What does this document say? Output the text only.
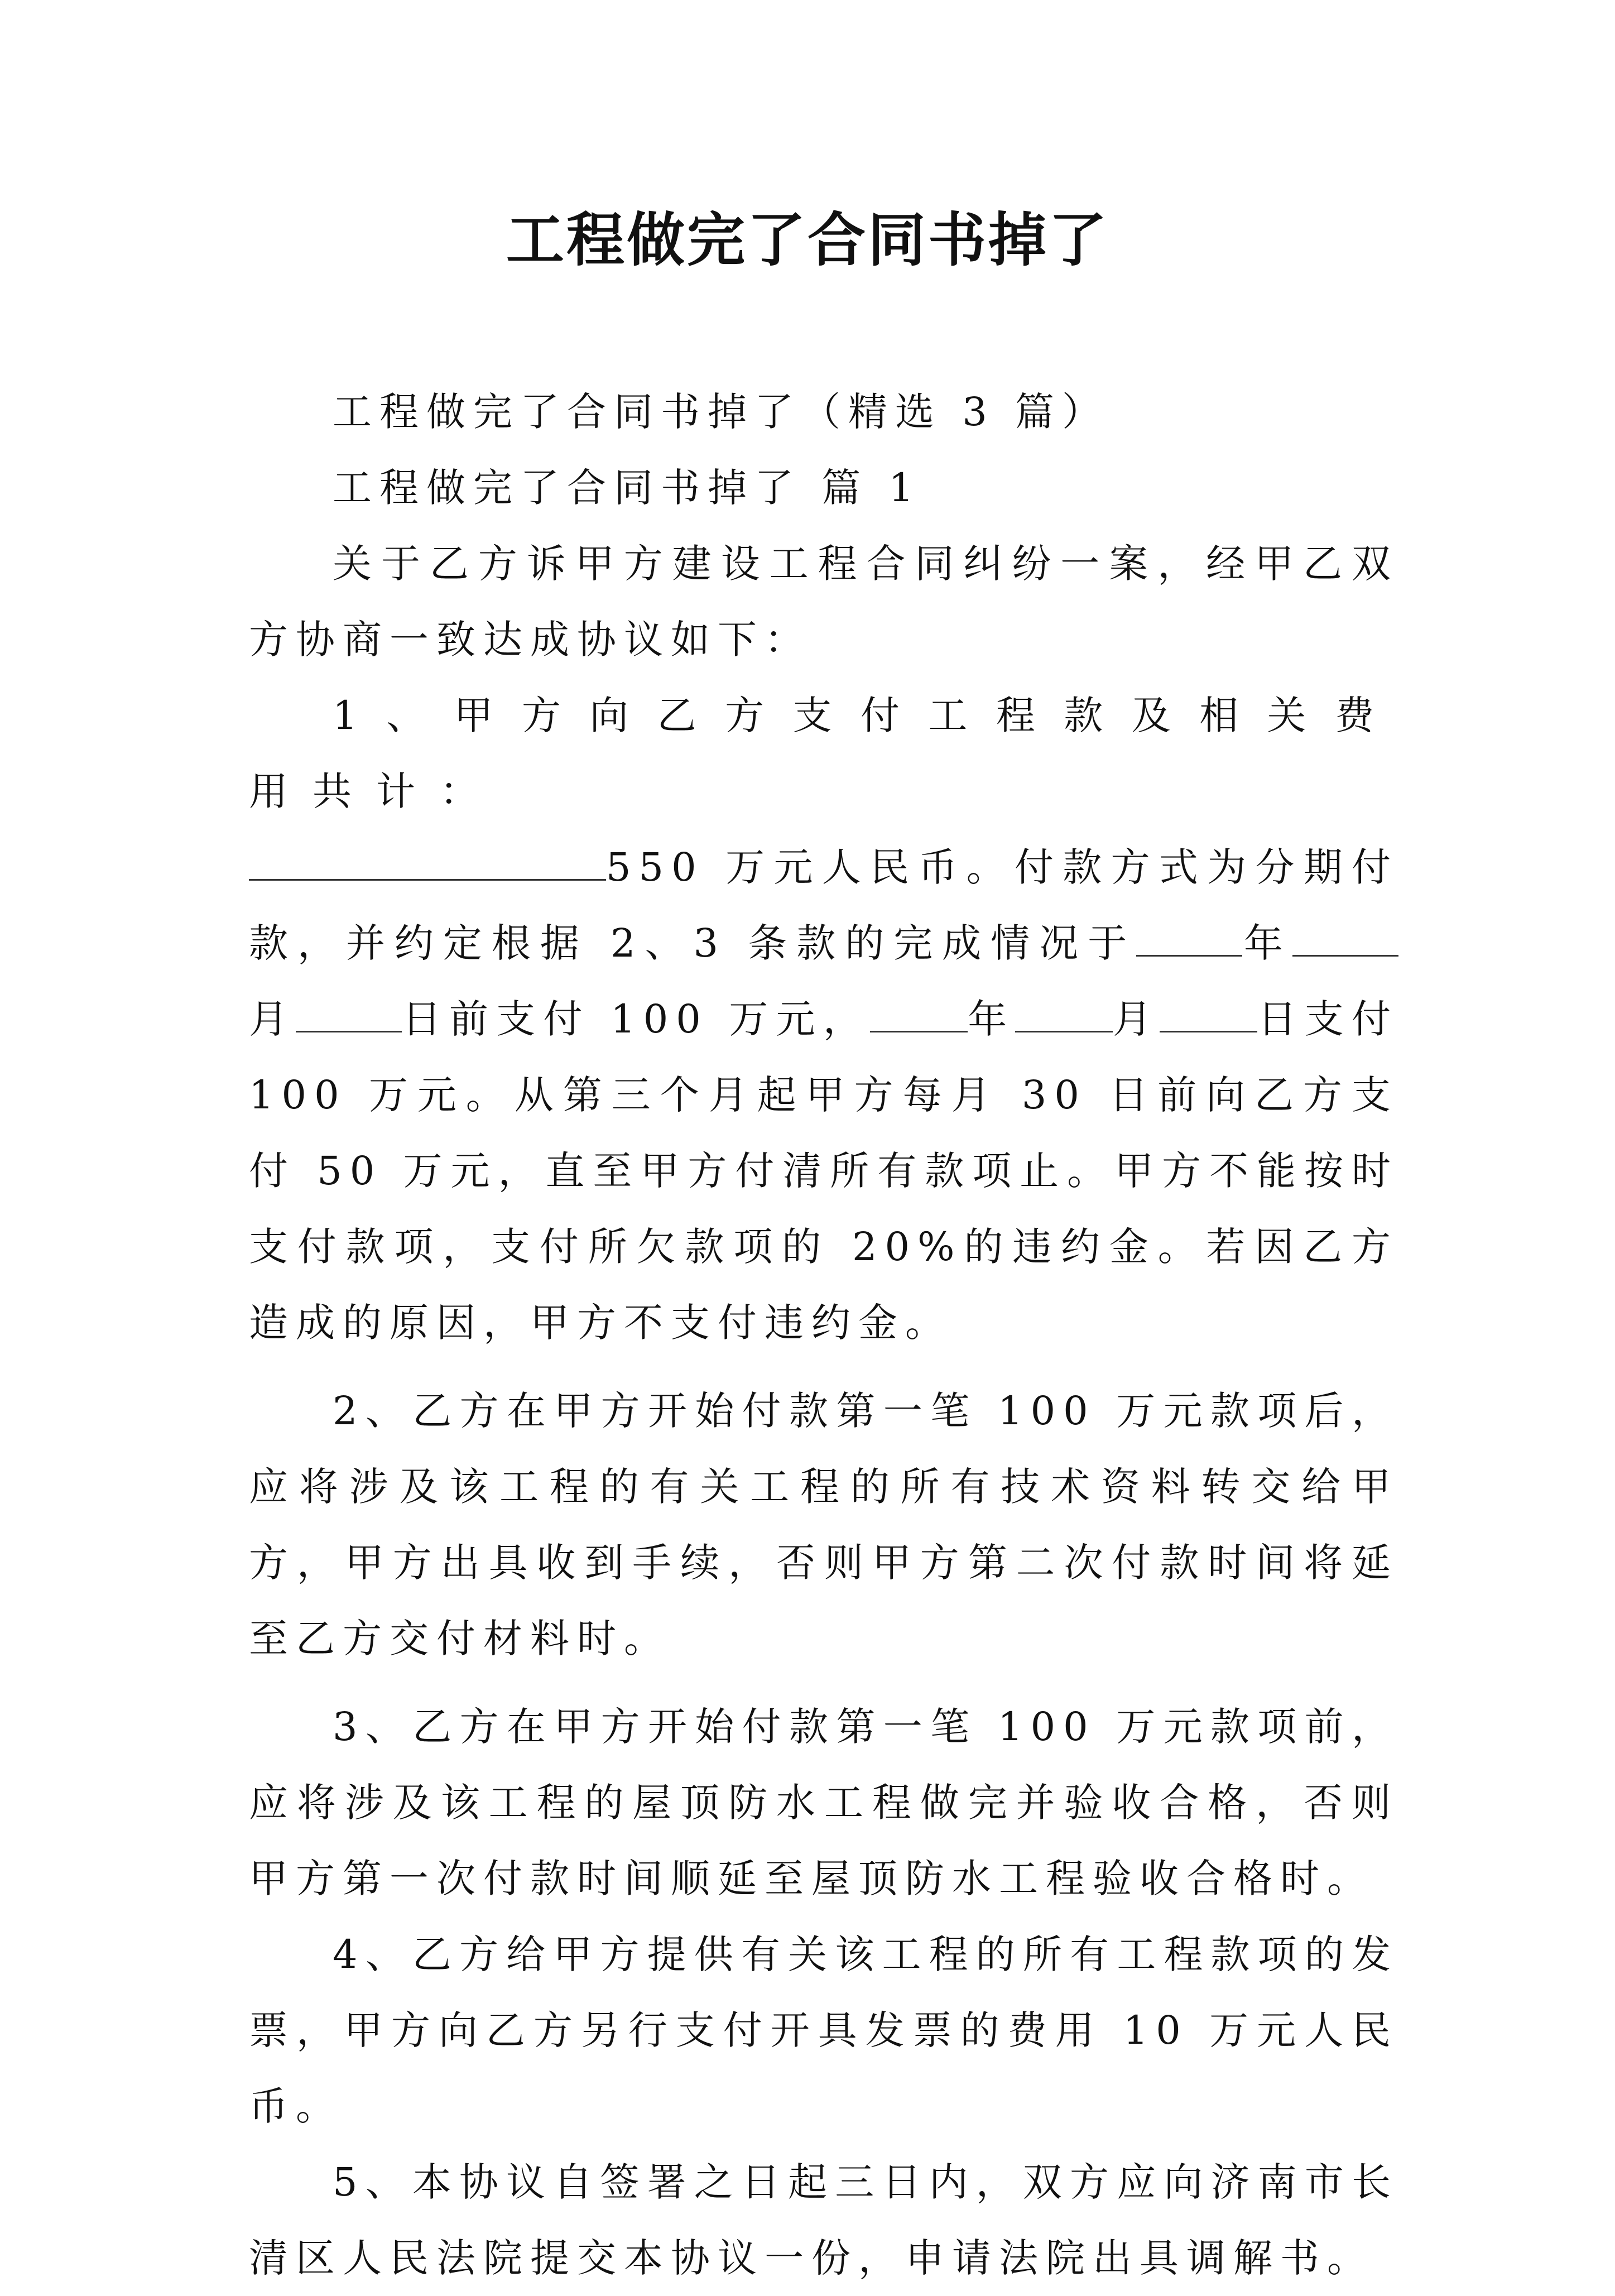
工程做完了合同书掉了

工程做完了合同书掉了（精选 3 篇）

工程做完了合同书掉了 篇 1

关于乙方诉甲方建设工程合同纠纷一案，经甲乙双方协商一致达成协议如下：

1、甲方向乙方支付工程款及相关费用共计：

550 万元人民币。付款方式为分期付款，并约定根据 2、3 条款的完成情况于	年月	日前支付 100 万元，	年	月	日支付 100 万元。从第三个月起甲方每月 30 日前向乙方支付 50 万元，直至甲方付清所有款项止。甲方不能按时支付款项，支付所欠款项的 20%的违约金。若因乙方造成的原因，甲方不支付违约金。

2、乙方在甲方开始付款第一笔 100 万元款项后，应将涉及该工程的有关工程的所有技术资料转交给甲方，甲方出具收到手续，否则甲方第二次付款时间将延至乙方交付材料时。

3、乙方在甲方开始付款第一笔 100 万元款项前，应将涉及该工程的屋顶防水工程做完并验收合格，否则甲方第一次付款时间顺延至屋顶防水工程验收合格时。

4、乙方给甲方提供有关该工程的所有工程款项的发票，甲方向乙方另行支付开具发票的费用 10 万元人民币。

5、本协议自签署之日起三日内，双方应向济南市长清区人民法院提交本协议一份，申请法院出具调解书。
